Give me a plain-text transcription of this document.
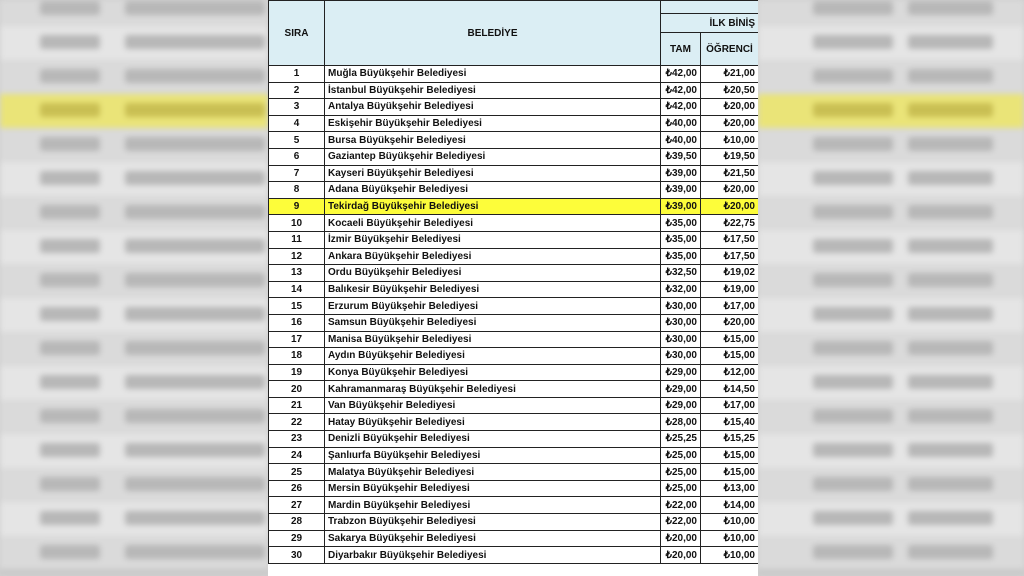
SIRA	BELEDİYE		
		İLK BİNİŞ	
		TAM	ÖĞRENCİ
1	Muğla Büyükşehir Belediyesi	₺42,00	₺21,00
2	İstanbul Büyükşehir Belediyesi	₺42,00	₺20,50
3	Antalya Büyükşehir Belediyesi	₺42,00	₺20,00
4	Eskişehir Büyükşehir Belediyesi	₺40,00	₺20,00
5	Bursa Büyükşehir Belediyesi	₺40,00	₺10,00
6	Gaziantep Büyükşehir Belediyesi	₺39,50	₺19,50
7	Kayseri Büyükşehir Belediyesi	₺39,00	₺21,50
8	Adana Büyükşehir Belediyesi	₺39,00	₺20,00
9	Tekirdağ Büyükşehir Belediyesi	₺39,00	₺20,00
10	Kocaeli Büyükşehir Belediyesi	₺35,00	₺22,75
11	İzmir Büyükşehir Belediyesi	₺35,00	₺17,50
12	Ankara Büyükşehir Belediyesi	₺35,00	₺17,50
13	Ordu Büyükşehir Belediyesi	₺32,50	₺19,02
14	Balıkesir Büyükşehir Belediyesi	₺32,00	₺19,00
15	Erzurum Büyükşehir Belediyesi	₺30,00	₺17,00
16	Samsun Büyükşehir Belediyesi	₺30,00	₺20,00
17	Manisa Büyükşehir Belediyesi	₺30,00	₺15,00
18	Aydın Büyükşehir Belediyesi	₺30,00	₺15,00
19	Konya Büyükşehir Belediyesi	₺29,00	₺12,00
20	Kahramanmaraş Büyükşehir Belediyesi	₺29,00	₺14,50
21	Van Büyükşehir Belediyesi	₺29,00	₺17,00
22	Hatay Büyükşehir Belediyesi	₺28,00	₺15,40
23	Denizli Büyükşehir Belediyesi	₺25,25	₺15,25
24	Şanlıurfa Büyükşehir Belediyesi	₺25,00	₺15,00
25	Malatya Büyükşehir Belediyesi	₺25,00	₺15,00
26	Mersin Büyükşehir Belediyesi	₺25,00	₺13,00
27	Mardin Büyükşehir Belediyesi	₺22,00	₺14,00
28	Trabzon Büyükşehir Belediyesi	₺22,00	₺10,00
29	Sakarya Büyükşehir Belediyesi	₺20,00	₺10,00
30	Diyarbakır Büyükşehir Belediyesi	₺20,00	₺10,00
